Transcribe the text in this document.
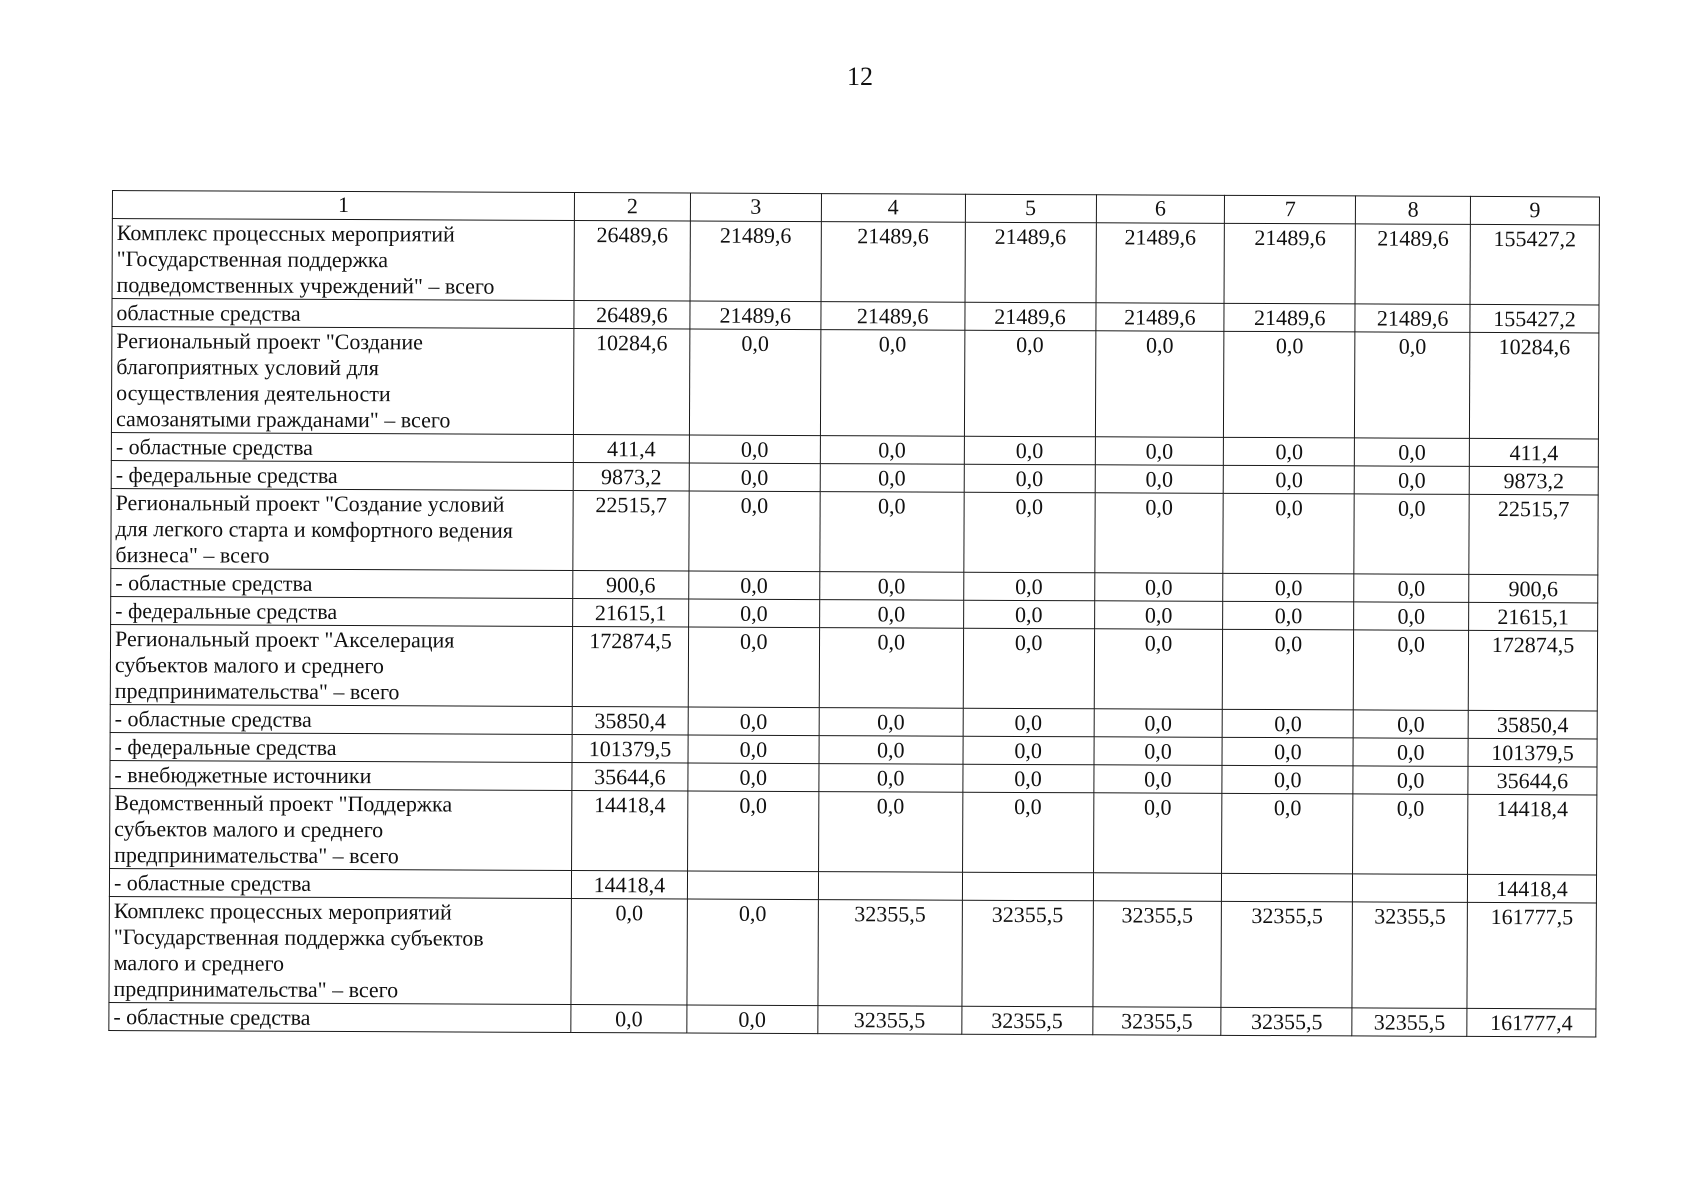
12
1	2	3	4	5	6	7	8	9

Комплекс процессных мероприятий
"Государственная поддержка
подведомственных учреждений" – всего	26489,6	21489,6	21489,6	21489,6	21489,6	21489,6	21489,6	155427,2

областные средства	26489,6	21489,6	21489,6	21489,6	21489,6	21489,6	21489,6	155427,2

Региональный проект "Создание
благоприятных условий для
осуществления деятельности
самозанятыми гражданами" – всего	10284,6	0,0	0,0	0,0	0,0	0,0	0,0	10284,6

- областные средства	411,4	0,0	0,0	0,0	0,0	0,0	0,0	411,4

- федеральные средства	9873,2	0,0	0,0	0,0	0,0	0,0	0,0	9873,2

Региональный проект "Создание условий
для легкого старта и комфортного ведения
бизнеса" – всего	22515,7	0,0	0,0	0,0	0,0	0,0	0,0	22515,7

- областные средства	900,6	0,0	0,0	0,0	0,0	0,0	0,0	900,6

- федеральные средства	21615,1	0,0	0,0	0,0	0,0	0,0	0,0	21615,1

Региональный проект "Акселерация
субъектов малого и среднего
предпринимательства" – всего	172874,5	0,0	0,0	0,0	0,0	0,0	0,0	172874,5

- областные средства	35850,4	0,0	0,0	0,0	0,0	0,0	0,0	35850,4

- федеральные средства	101379,5	0,0	0,0	0,0	0,0	0,0	0,0	101379,5

- внебюджетные источники	35644,6	0,0	0,0	0,0	0,0	0,0	0,0	35644,6

Ведомственный проект "Поддержка
субъектов малого и среднего
предпринимательства" – всего	14418,4	0,0	0,0	0,0	0,0	0,0	0,0	14418,4

- областные средства	14418,4							14418,4

Комплекс процессных мероприятий
"Государственная поддержка субъектов
малого и среднего
предпринимательства" – всего	0,0	0,0	32355,5	32355,5	32355,5	32355,5	32355,5	161777,5

- областные средства	0,0	0,0	32355,5	32355,5	32355,5	32355,5	32355,5	161777,4
